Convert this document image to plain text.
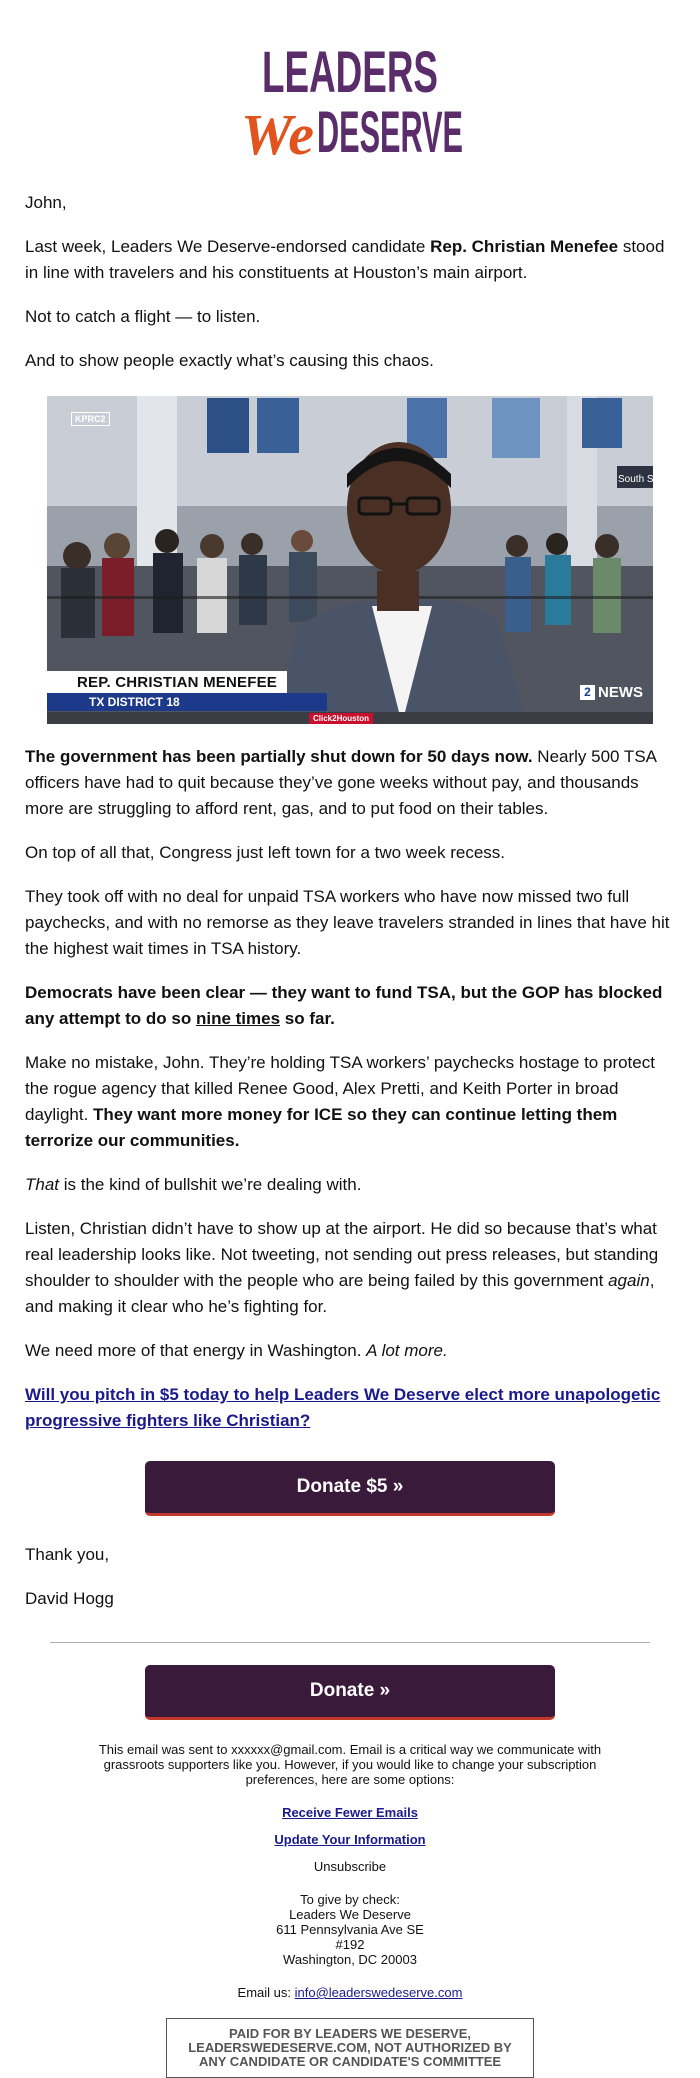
LEADERS
We DESERVE

John,

Last week, Leaders We Deserve-endorsed candidate Rep. Christian Menefee stood in line with travelers and his constituents at Houston’s main airport.

Not to catch a flight — to listen.

And to show people exactly what’s causing this chaos.

South Sec
KPRC2
REP. CHRISTIAN MENEFEE
TX DISTRICT 18
2 NEWS
Click2Houston

The government has been partially shut down for 50 days now. Nearly 500 TSA officers have had to quit because they’ve gone weeks without pay, and thousands more are struggling to afford rent, gas, and to put food on their tables.

On top of all that, Congress just left town for a two week recess.

They took off with no deal for unpaid TSA workers who have now missed two full paychecks, and with no remorse as they leave travelers stranded in lines that have hit the highest wait times in TSA history.

Democrats have been clear — they want to fund TSA, but the GOP has blocked any attempt to do so nine times so far.

Make no mistake, John. They’re holding TSA workers’ paychecks hostage to protect the rogue agency that killed Renee Good, Alex Pretti, and Keith Porter in broad daylight. They want more money for ICE so they can continue letting them terrorize our communities.

That is the kind of bullshit we’re dealing with.

Listen, Christian didn’t have to show up at the airport. He did so because that’s what real leadership looks like. Not tweeting, not sending out press releases, but standing shoulder to shoulder with the people who are being failed by this government again, and making it clear who he’s fighting for.

We need more of that energy in Washington. A lot more.

Will you pitch in $5 today to help Leaders We Deserve elect more unapologetic progressive fighters like Christian?
Donate $5 »

Thank you,

David Hogg

Donate »
This email was sent to xxxxxx@gmail.com. Email is a critical way we communicate with grassroots supporters like you. However, if you would like to change your subscription preferences, here are some options:
Receive Fewer Emails
Update Your Information
Unsubscribe
To give by check:
Leaders We Deserve
611 Pennsylvania Ave SE
#192
Washington, DC 20003
Email us: info@leaderswedeserve.com
PAID FOR BY LEADERS WE DESERVE, LEADERSWEDESERVE.COM, NOT AUTHORIZED BY ANY CANDIDATE OR CANDIDATE'S COMMITTEE
